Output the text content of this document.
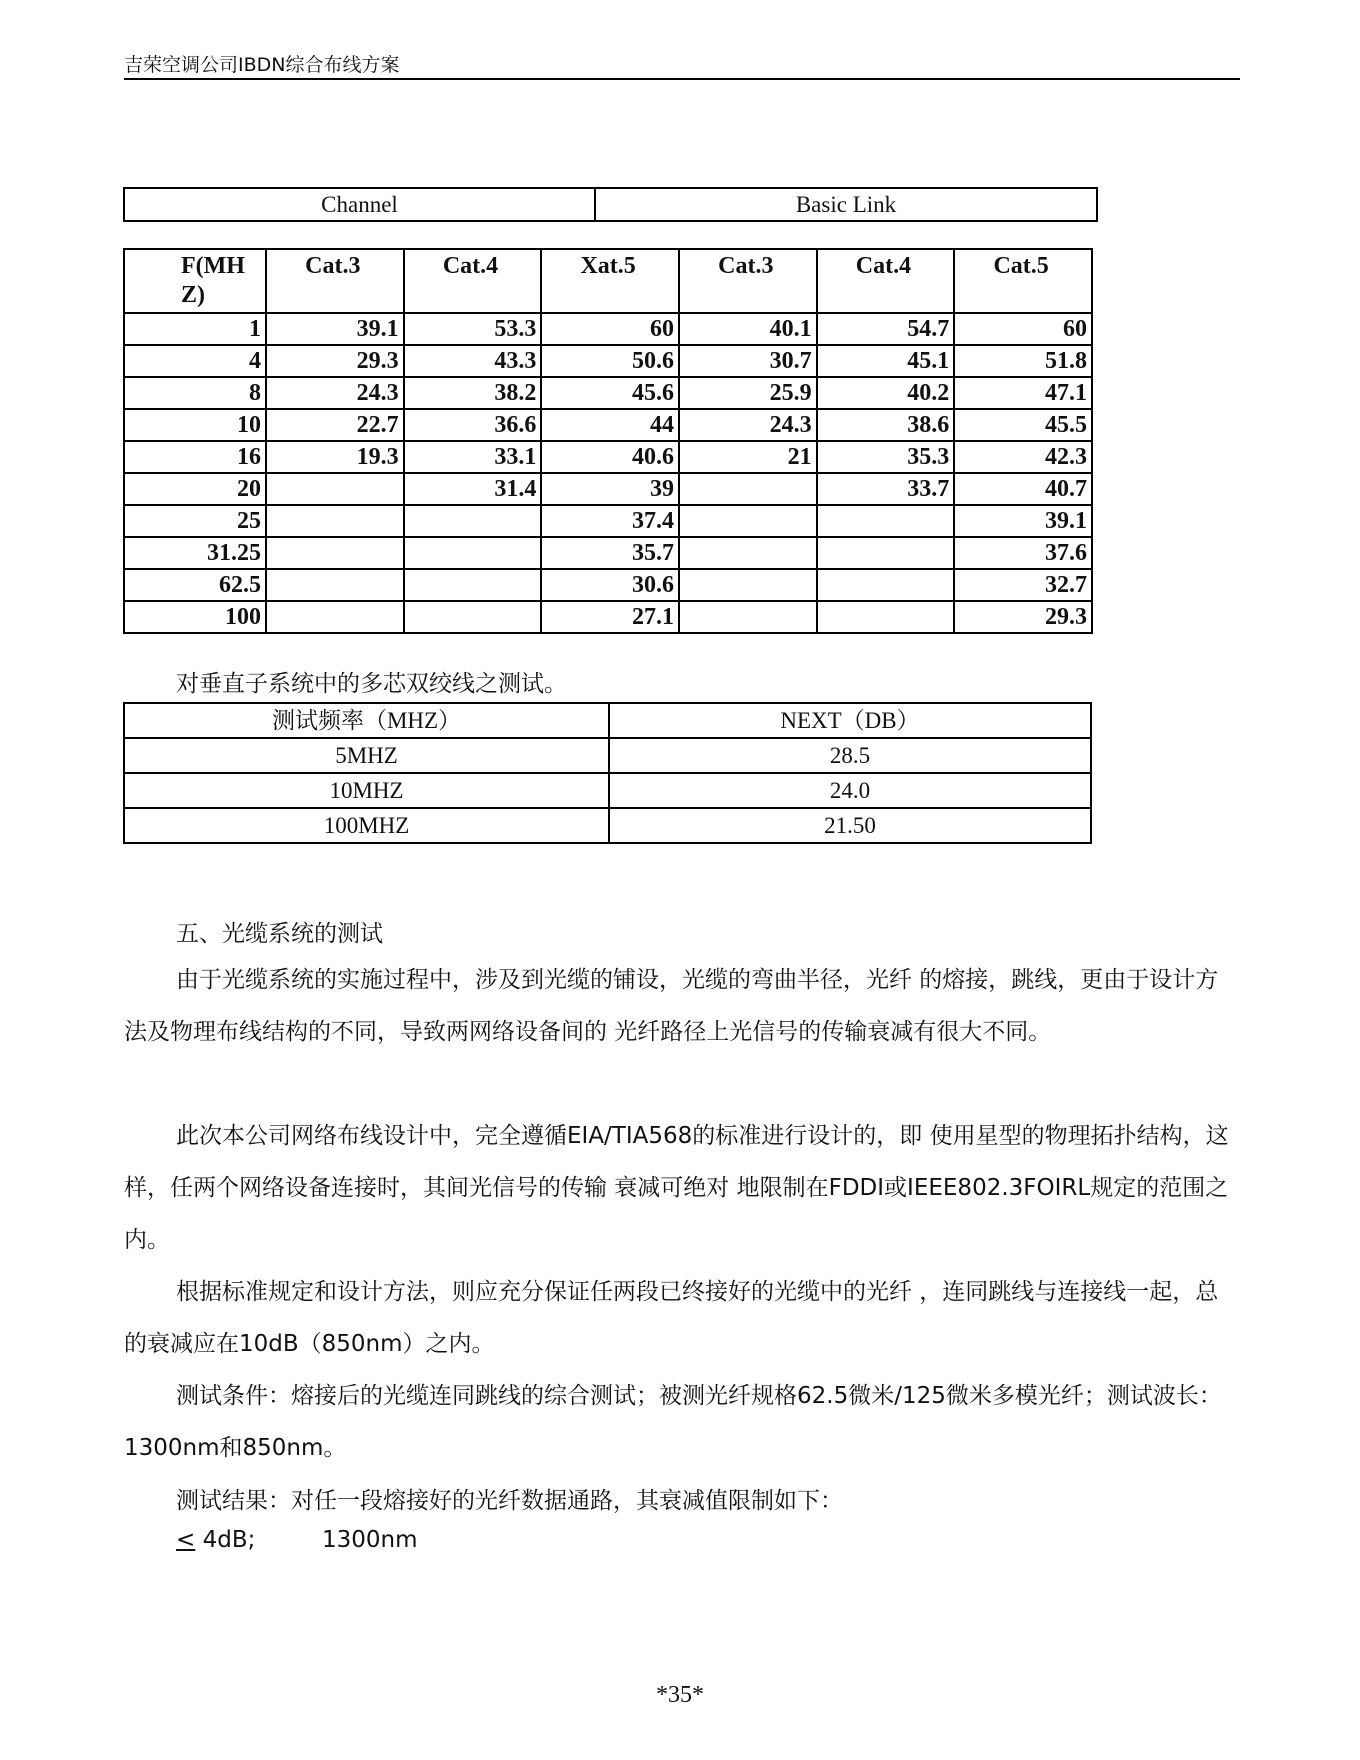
吉荣空调公司IBDN综合布线方案
Channel	Basic Link
F(MH Z)	Cat.3	Cat.4	Xat.5	Cat.3	Cat.4	Cat.5
1	39.1	53.3	60	40.1	54.7	60
4	29.3	43.3	50.6	30.7	45.1	51.8
8	24.3	38.2	45.6	25.9	40.2	47.1
10	22.7	36.6	44	24.3	38.6	45.5
16	19.3	33.1	40.6	21	35.3	42.3
20		31.4	39		33.7	40.7
25			37.4			39.1
31.25			35.7			37.6
62.5			30.6			32.7
100			27.1			29.3
对垂直子系统中的多芯双绞线之测试。
测试频率（MHZ）	NEXT（DB）
5MHZ	28.5
10MHZ	24.0
100MHZ	21.50
五、光缆系统的测试

由于光缆系统的实施过程中，涉及到光缆的铺设，光缆的弯曲半径，光纤 的熔接，跳线，更由于设计方法及物理布线结构的不同，导致两网络设备间的 光纤路径上光信号的传输衰减有很大不同。

此次本公司网络布线设计中，完全遵循EIA/TIA568的标准进行设计的，即 使用星型的物理拓扑结构，这样，任两个网络设备连接时，其间光信号的传输 衰减可绝对 地限制在FDDI或IEEE802.3FOIRL规定的范围之内。

根据标准规定和设计方法，则应充分保证任两段已终接好的光缆中的光纤 ，连同跳线与连接线一起，总的衰减应在10dB（850nm）之内。

测试条件：熔接后的光缆连同跳线的综合测试；被测光纤规格62.5微米/125微米多模光纤；测试波长：1300nm和850nm。

测试结果：对任一段熔接好的光纤数据通路，其衰减值限制如下：

≤ 4dB;	1300nm
*35*
